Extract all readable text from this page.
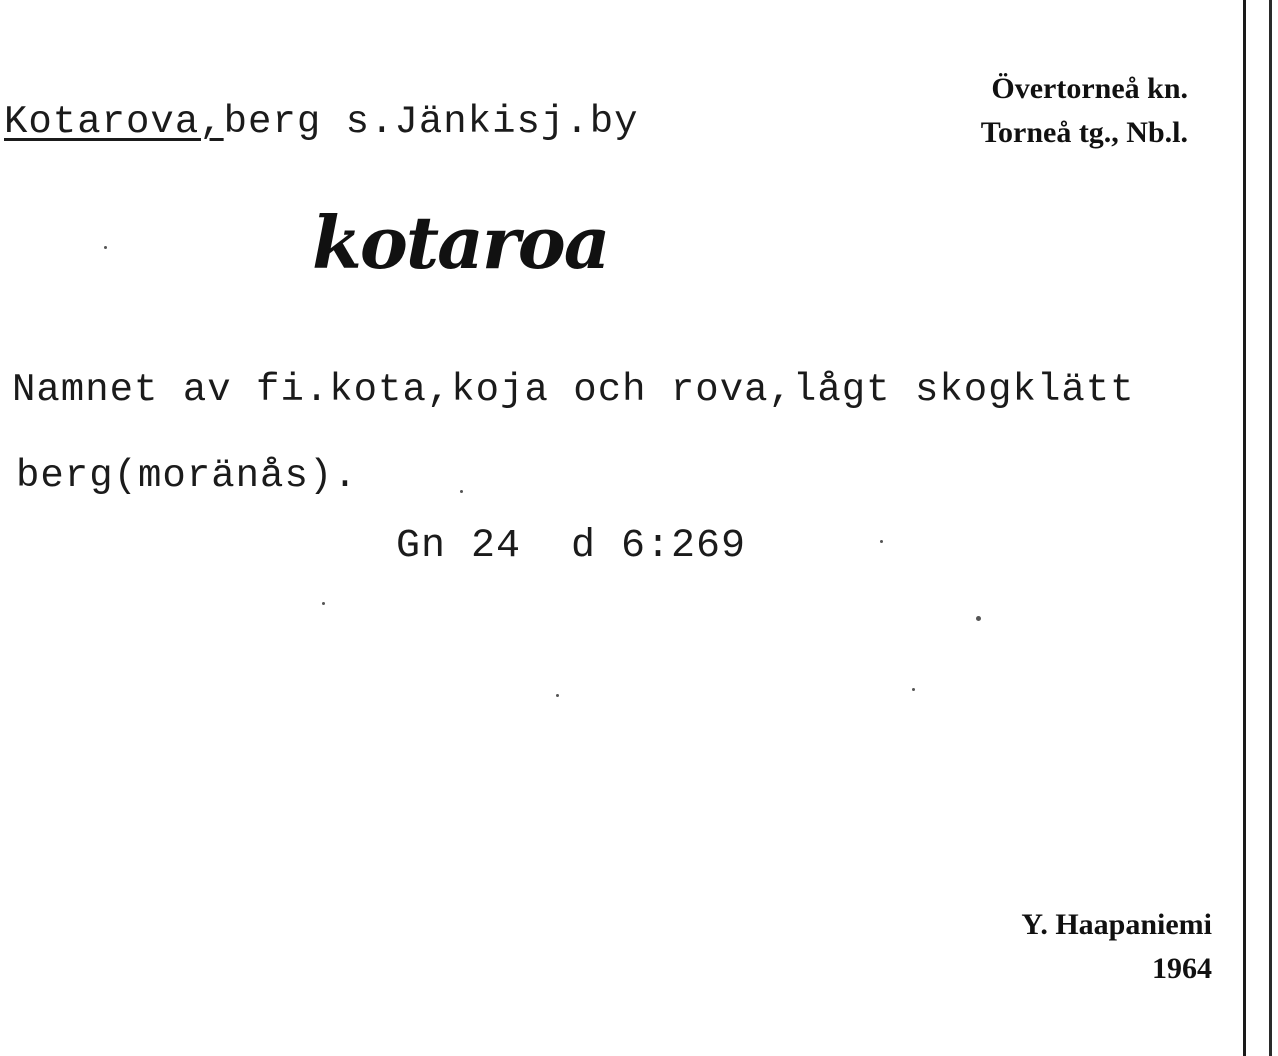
Kotarova,berg s.Jänkisj.by
Övertorneå kn.
Torneå tg., Nb.l.
kotaroa
Namnet av fi.kota,koja och rova,lågt skogklätt
berg(moränås).
Gn 24  d 6:269
Y. Haapaniemi
1964
